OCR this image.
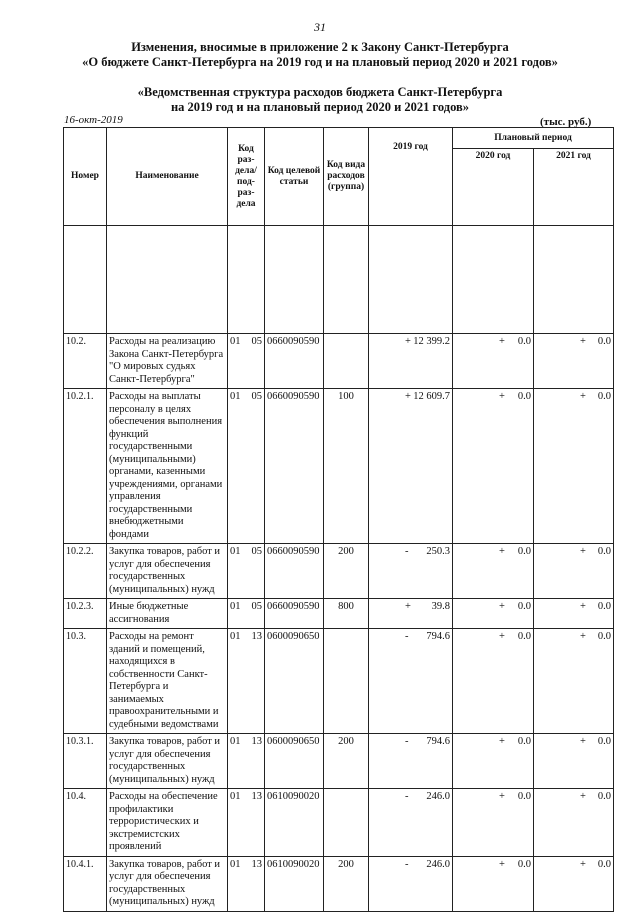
31
Изменения, вносимые в приложение 2 к Закону Санкт-Петербурга
«О бюджете Санкт-Петербурга на 2019 год и на плановый период 2020 и 2021 годов»
«Ведомственная структура расходов бюджета Санкт-Петербурга
на 2019 год и на плановый период 2020 и 2021 годов»
16-окт-2019	(тыс. руб.)
Номер	Наименование	Код раз- дела/ под- раз- дела	Код целевой статьи	Код вида расходов (группа)	2019 год	Плановый период	
						2020 год	2021 год

10.2.	Расходы на реализацию Закона Санкт-Петербурга "О мировых судьях Санкт-Петербурга"	01 05	0660090590		+ 12 399.2	+ 0.0	+ 0.0

10.2.1.	Расходы на выплаты персоналу в целях обеспечения выполнения функций государственными (муниципальными) органами, казенными учреждениями, органами управления государственными внебюджетными фондами	01 05	0660090590	100	+ 12 609.7	+ 0.0	+ 0.0

10.2.2.	Закупка товаров, работ и услуг для обеспечения государственных (муниципальных) нужд	01 05	0660090590	200	- 250.3	+ 0.0	+ 0.0

10.2.3.	Иные бюджетные ассигнования	01 05	0660090590	800	+ 39.8	+ 0.0	+ 0.0

10.3.	Расходы на ремонт зданий и помещений, находящихся в собственности Санкт-Петербурга и занимаемых правоохранительными и судебными ведомствами	01 13	0600090650		- 794.6	+ 0.0	+ 0.0

10.3.1.	Закупка товаров, работ и услуг для обеспечения государственных (муниципальных) нужд	01 13	0600090650	200	- 794.6	+ 0.0	+ 0.0

10.4.	Расходы на обеспечение профилактики террористических и экстремистских проявлений	01 13	0610090020		- 246.0	+ 0.0	+ 0.0

10.4.1.	Закупка товаров, работ и услуг для обеспечения государственных (муниципальных) нужд	01 13	0610090020	200	- 246.0	+ 0.0	+ 0.0
